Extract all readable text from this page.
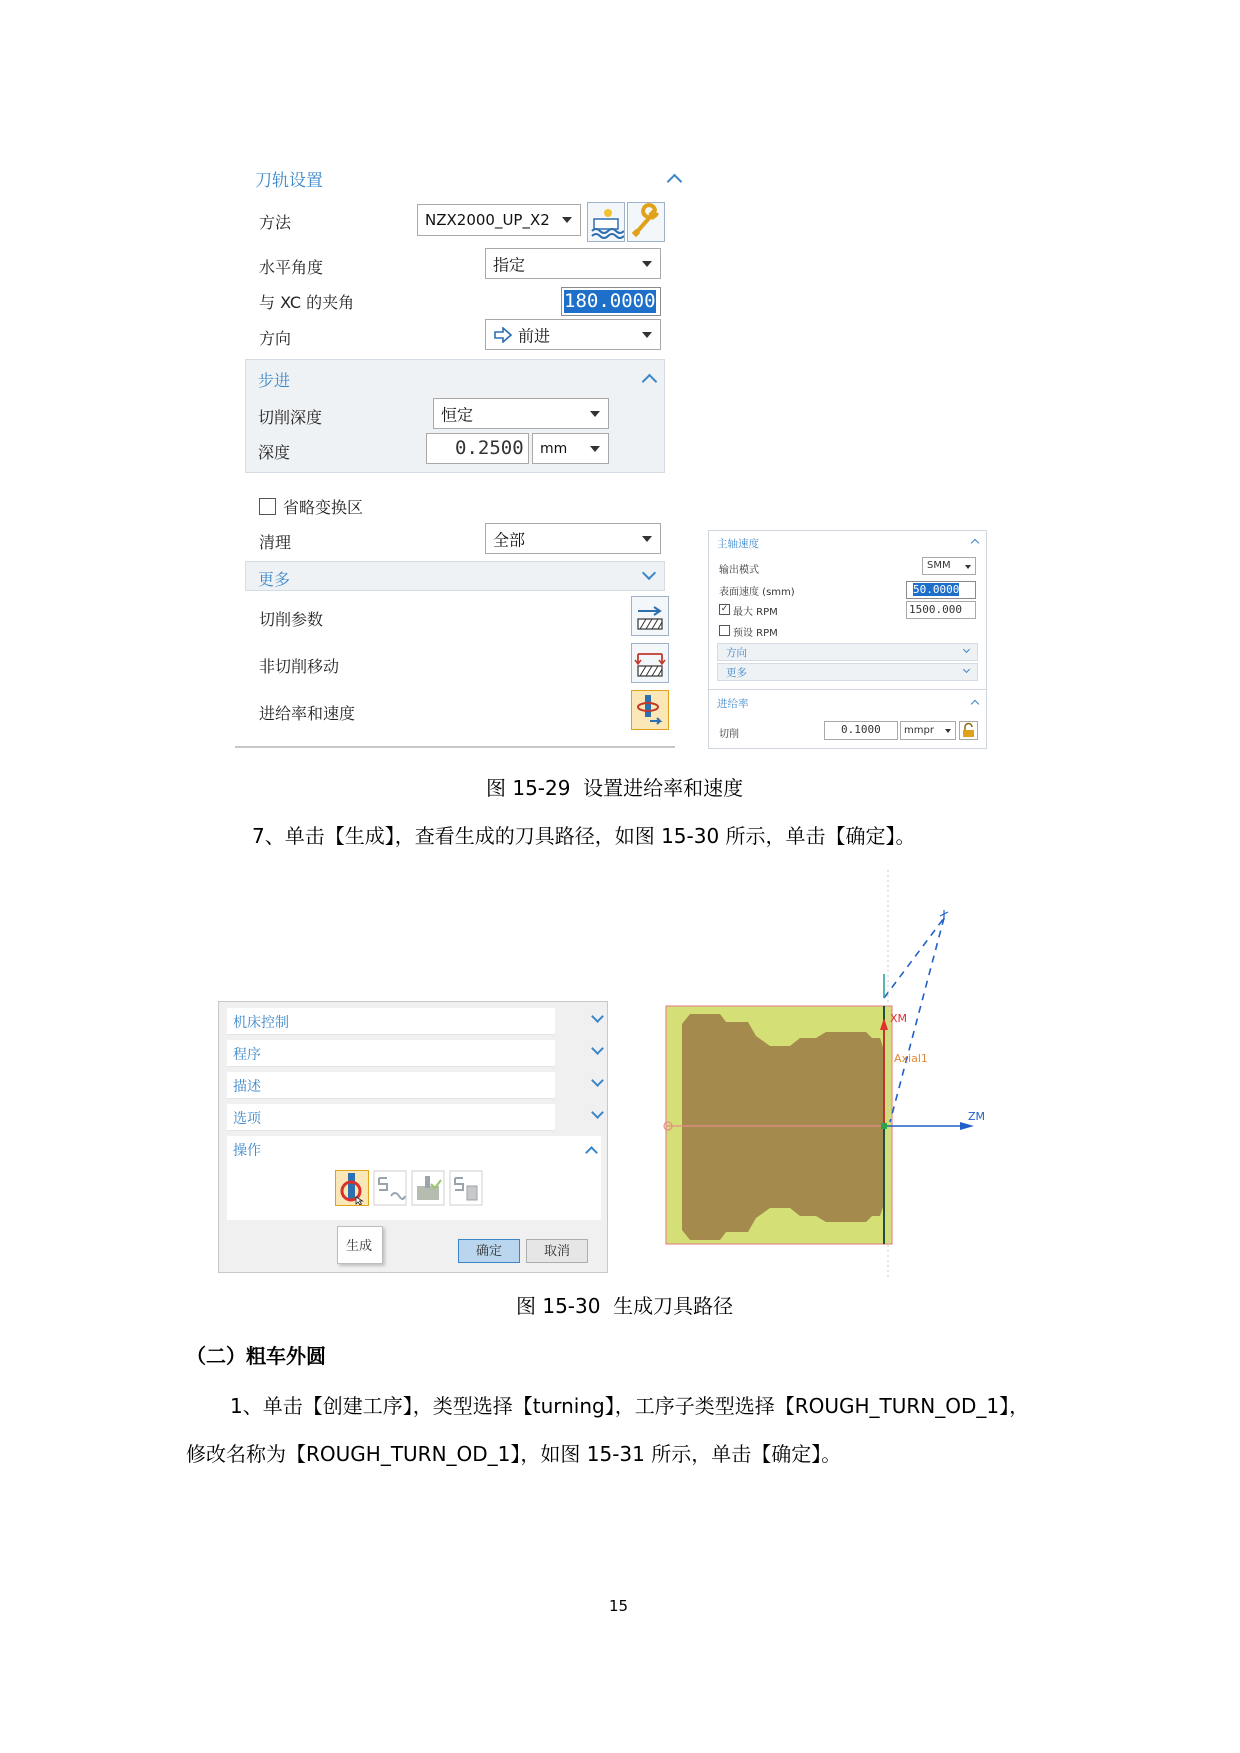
刀轨设置
方法	NZX2000_UP_X2
水平角度	指定
与 XC 的夹角	180.0000
方向	前进
步进
切削深度	恒定
深度	0.2500 mm
省略变换区
清理	全部
更多
切削参数
非切削移动
进给率和速度
主轴速度
输出模式	SMM
表面速度 (smm)	50.0000
✓ 最大 RPM	1500.000
预设 RPM
方向
更多
进给率
切削	0.1000 mmpr
图 15-29  设置进给率和速度
7、单击【生成】，查看生成的刀具路径，如图 15-30 所示，单击【确定】。
机床控制
程序
描述
选项
操作
生成	确定	取消
XM
Axial1
ZM
图 15-30  生成刀具路径
（二）粗车外圆
1、单击【创建工序】，类型选择【turning】，工序子类型选择【ROUGH_TURN_OD_1】，
修改名称为【ROUGH_TURN_OD_1】，如图 15-31 所示，单击【确定】。
15
